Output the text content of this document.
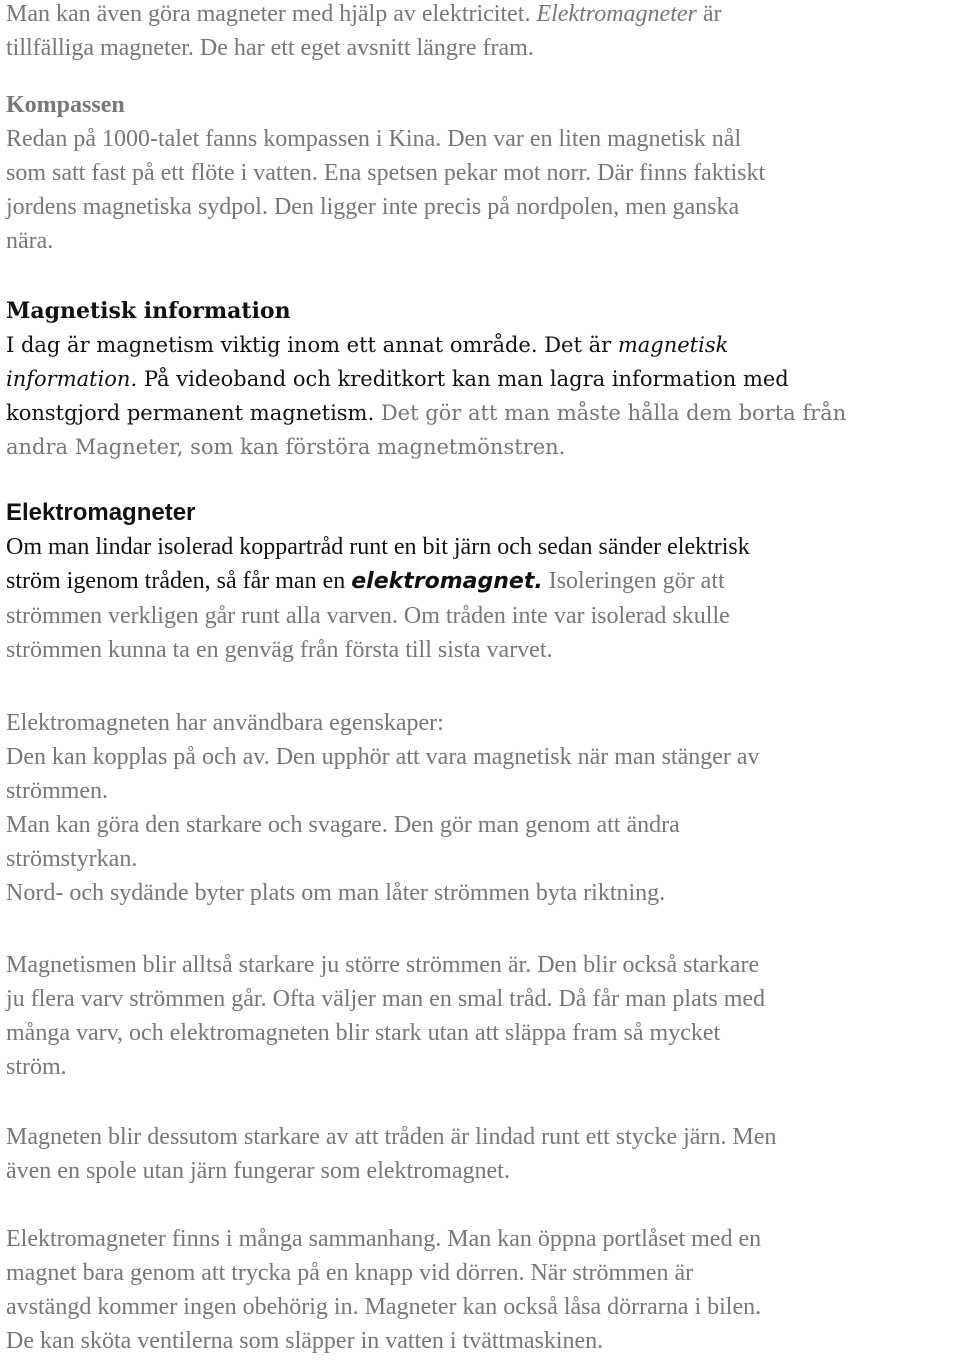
Man kan även göra magneter med hjälp av elektricitet. Elektromagneter är

tillfälliga magneter. De har ett eget avsnitt längre fram.

Kompassen

Redan på 1000-talet fanns kompassen i Kina. Den var en liten magnetisk nål

som satt fast på ett flöte i vatten. Ena spetsen pekar mot norr. Där finns faktiskt

jordens magnetiska sydpol. Den ligger inte precis på nordpolen, men ganska

nära.

Magnetisk information

I dag är magnetism viktig inom ett annat område. Det är magnetisk

information. På videoband och kreditkort kan man lagra information med

konstgjord permanent magnetism. Det gör att man måste hålla dem borta från

andra Magneter, som kan förstöra magnetmönstren.

Elektromagneter

Om man lindar isolerad koppartråd runt en bit järn och sedan sänder elektrisk

ström igenom tråden, så får man en elektromagnet. Isoleringen gör att

strömmen verkligen går runt alla varven. Om tråden inte var isolerad skulle

strömmen kunna ta en genväg från första till sista varvet.

Elektromagneten har användbara egenskaper:

Den kan kopplas på och av. Den upphör att vara magnetisk när man stänger av

strömmen.

Man kan göra den starkare och svagare. Den gör man genom att ändra

strömstyrkan.

Nord- och sydände byter plats om man låter strömmen byta riktning.

Magnetismen blir alltså starkare ju större strömmen är. Den blir också starkare

ju flera varv strömmen går. Ofta väljer man en smal tråd. Då får man plats med

många varv, och elektromagneten blir stark utan att släppa fram så mycket

ström.

Magneten blir dessutom starkare av att tråden är lindad runt ett stycke järn. Men

även en spole utan järn fungerar som elektromagnet.

Elektromagneter finns i många sammanhang. Man kan öppna portlåset med en

magnet bara genom att trycka på en knapp vid dörren. När strömmen är

avstängd kommer ingen obehörig in. Magneter kan också låsa dörrarna i bilen.

De kan sköta ventilerna som släpper in vatten i tvättmaskinen.
